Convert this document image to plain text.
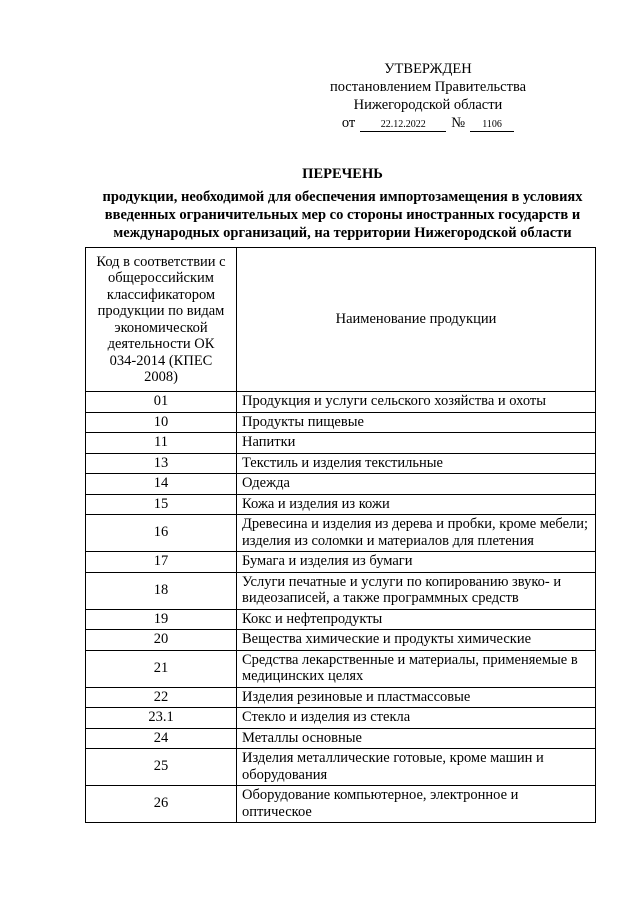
УТВЕРЖДЕН
постановлением Правительства
Нижегородской области
от	22.12.2022	№	1106
ПЕРЕЧЕНЬ
продукции, необходимой для обеспечения импортозамещения в условиях введенных ограничительных мер со стороны иностранных государств и международных организаций, на территории Нижегородской области
Код в соответствии с общероссийским классификатором продукции по видам экономической деятельности ОК 034-2014 (КПЕС 2008)	Наименование продукции
01	Продукция и услуги сельского хозяйства и охоты
10	Продукты пищевые
11	Напитки
13	Текстиль и изделия текстильные
14	Одежда
15	Кожа и изделия из кожи
16	Древесина и изделия из дерева и пробки, кроме мебели; изделия из соломки и материалов для плетения
17	Бумага и изделия из бумаги
18	Услуги печатные и услуги по копированию звуко- и видеозаписей, а также программных средств
19	Кокс и нефтепродукты
20	Вещества химические и продукты химические
21	Средства лекарственные и материалы, применяемые в медицинских целях
22	Изделия резиновые и пластмассовые
23.1	Стекло и изделия из стекла
24	Металлы основные
25	Изделия металлические готовые, кроме машин и оборудования
26	Оборудование компьютерное, электронное и оптическое
